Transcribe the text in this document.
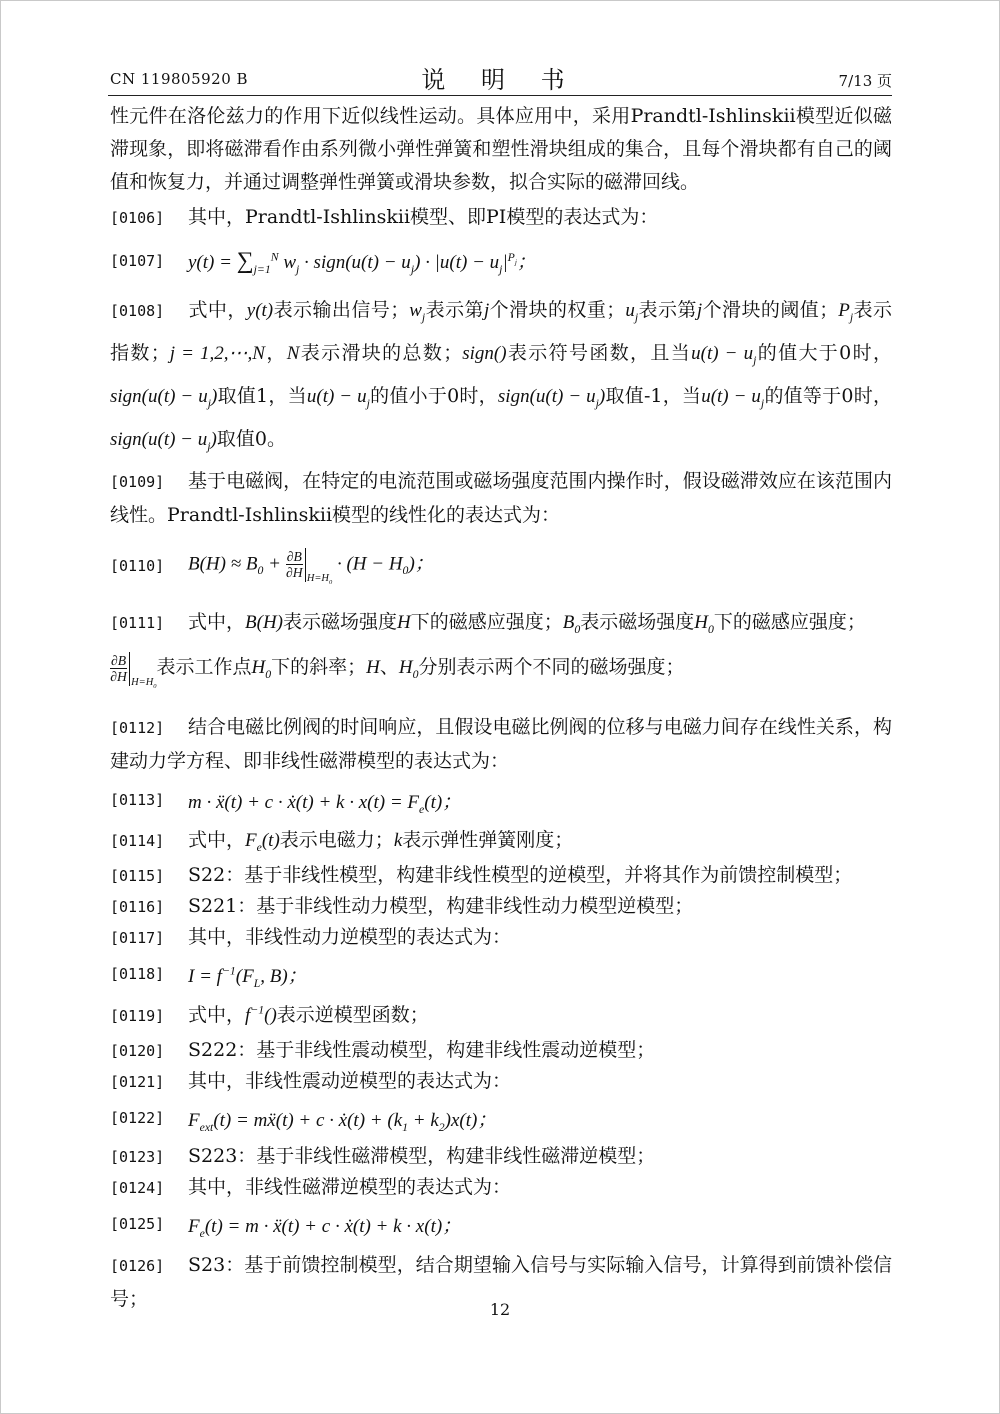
CN 119805920 B	说 明 书	7/13 页

性元件在洛伦兹力的作用下近似线性运动。具体应用中，采用Prandtl-Ishlinskii模型近似磁滞现象，即将磁滞看作由系列微小弹性弹簧和塑性滑块组成的集合，且每个滑块都有自己的阈值和恢复力，并通过调整弹性弹簧或滑块参数，拟合实际的磁滞回线。

[0106] 其中，Prandtl-Ishlinskii模型、即PI模型的表达式为：

[0107]	$y(t) = \sum_{j=1}^N$ $w_j$ · sign(u(t) − $u_j) \cdot |u(t) - u_j|^{P_j}$；
[0108] 式中，y(t)表示输出信号；$w_j$表示第j个滑块的权重；$u_j$表示第j个滑块的阈值；$P_j$表示指数；j = 1,2,⋯,N，N表示滑块的总数；sign()表示符号函数，且当$u(t) - u_j$的值大于0时，sign(u(t) − $u_j$)取值1，当$u(t) - u_j$的值小于0时，sign(u(t) − $u_j$)取值-1，当$u(t) - u_j$的值等于0时，sign(u(t) − $u_j$)取值0。

[0109] 基于电磁阀，在特定的电流范围或磁场强度范围内操作时，假设磁滞效应在该范围内线性。Prandtl-Ishlinskii模型的线性化的表达式为：

[0110]	$B(H) \approx B_0 + \frac{\partial B}{\partial H} _{H=H_0} \cdot (H - H_0)$；
[0111] 式中，B(H)表示磁场强度H下的磁感应强度；$B_0$表示磁场强度$H_0$下的磁感应强度；

$\frac{\partial B}{\partial H} _{H=H_0}$表示工作点$H_0$下的斜率；H、$H_0$分别表示两个不同的磁场强度；

[0112] 结合电磁比例阀的时间响应，且假设电磁比例阀的位移与电磁力间存在线性关系，构建动力学方程、即非线性磁滞模型的表达式为：

[0113]	m · ẍ(t) + c · ẋ(t) + $k \cdot x(t) = F_e(t)$；

[0114] 式中，$F_e(t)$表示电磁力；k表示弹性弹簧刚度；

[0115] S22：基于非线性模型，构建非线性模型的逆模型，并将其作为前馈控制模型；

[0116] S221：基于非线性动力模型，构建非线性动力模型逆模型；

[0117] 其中，非线性动力逆模型的表达式为：

[0118]	$I = f^{-1}(F_L$, B)；

[0119] 式中，$f^{-1}()$表示逆模型函数；

[0120] S222：基于非线性震动模型，构建非线性震动逆模型；

[0121] 其中，非线性震动逆模型的表达式为：

[0122]	$F_{ext}(t)$ = mẍ(t) + c · ẋ(t) + $(k_1 + k_2)x(t)$；

[0123] S223：基于非线性磁滞模型，构建非线性磁滞逆模型；

[0124] 其中，非线性磁滞逆模型的表达式为：

[0125]	$F_e(t) = m$ · ẍ(t) + c · ẋ(t) + k · x(t)；

[0126] S23：基于前馈控制模型，结合期望输入信号与实际输入信号，计算得到前馈补偿信号；	12
